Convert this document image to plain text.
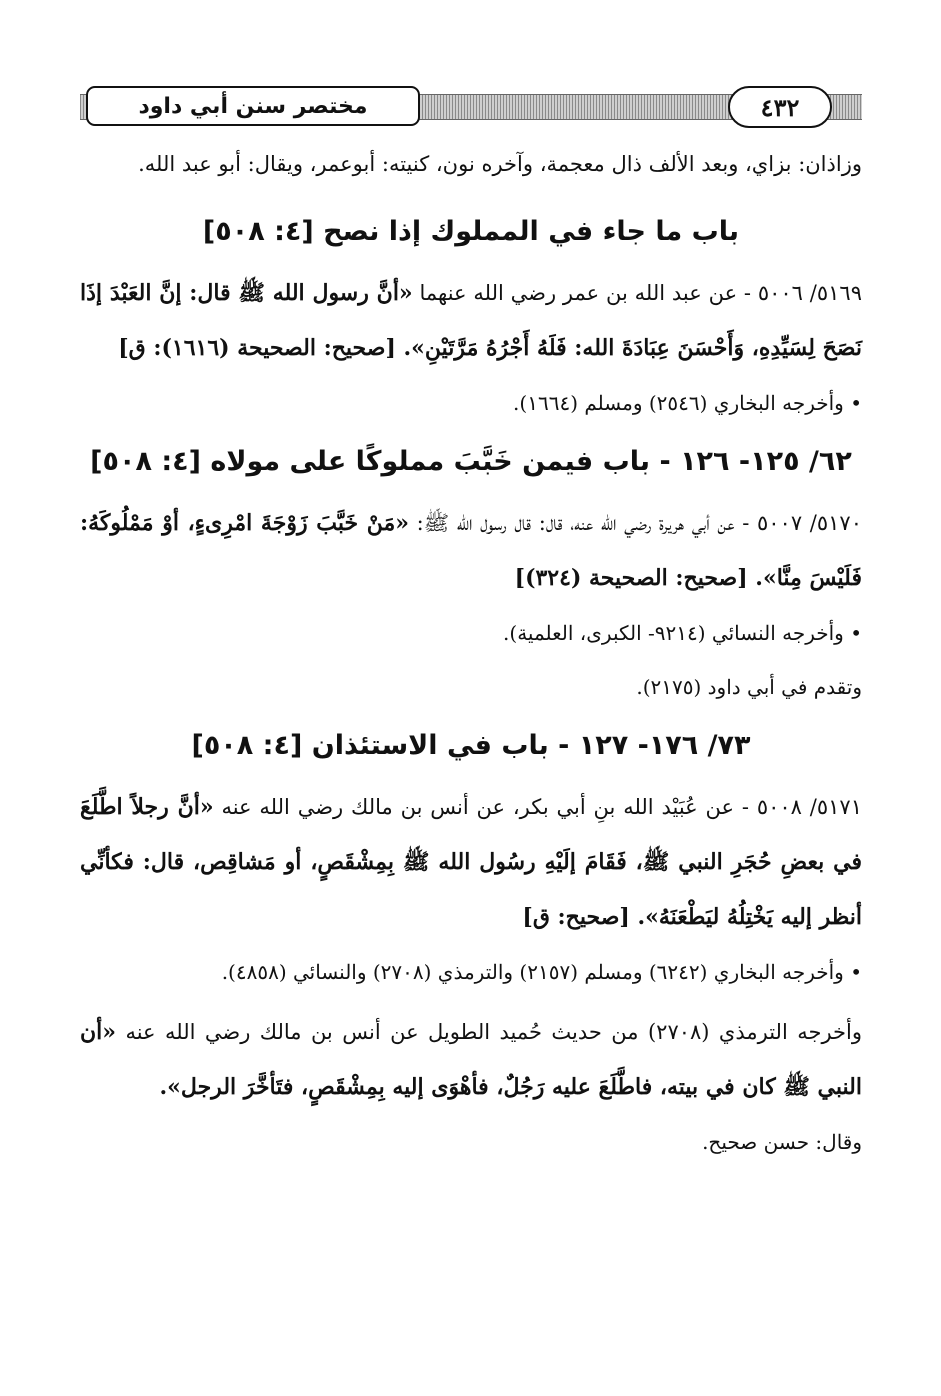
مختصر سنن أبي داود	٤٣٢

وزاذان: بزاي، وبعد الألف ذال معجمة، وآخره نون، كنيته: أبوعمر، ويقال: أبو عبد الله.

باب ما جاء في المملوك إذا نصح [٤: ٥٠٨]

٥١٦٩/ ٥٠٠٦ - عن عبد الله بن عمر رضي الله عنهما «أنَّ رسول الله ﷺ قال: إنَّ العَبْدَ إذَا نَصَحَ لِسَيِّدِهِ، وَأَحْسَنَ عِبَادَةَ الله: فَلَهُ أَجْرُهُ مَرَّتَيْنِ». [صحيح: الصحيحة (١٦١٦): ق]

• وأخرجه البخاري (٢٥٤٦) ومسلم (١٦٦٤).

٦٢/ ١٢٥- ١٢٦ - باب فيمن خَبَّبَ مملوكًا على مولاه [٤: ٥٠٨]

٥١٧٠/ ٥٠٠٧ - عن أبي هريرة رضي الله عنه، قال: قال رسول الله ﷺ: «مَنْ خَبَّبَ زَوْجَةَ امْرِىءٍ، أوْ مَمْلُوكَهُ: فَلَيْسَ مِنَّا». [صحيح: الصحيحة (٣٢٤)]

• وأخرجه النسائي (٩٢١٤- الكبرى، العلمية).

وتقدم في أبي داود (٢١٧٥).

٧٣/ ١٧٦- ١٢٧ - باب في الاستئذان [٤: ٥٠٨]

٥١٧١/ ٥٠٠٨ - عن عُبَيْد الله بنِ أبي بكر، عن أنس بن مالك رضي الله عنه «أنَّ رجلاً اطَّلَعَ في بعضِ حُجَرِ النبي ﷺ، فَقَامَ إلَيْهِ رسُول الله ﷺ بِمِشْقَصٍ، أو مَشاقِص، قال: فكأنِّي أنظر إليه يَخْتِلُهُ ليَطْعَنَهُ». [صحيح: ق]

• وأخرجه البخاري (٦٢٤٢) ومسلم (٢١٥٧) والترمذي (٢٧٠٨) والنسائي (٤٨٥٨).

وأخرجه الترمذي (٢٧٠٨) من حديث حُميد الطويل عن أنس بن مالك رضي الله عنه «أن النبي ﷺ كان في بيته، فاطَّلَعَ عليه رَجُلٌ، فأهْوَى إليه بِمِشْقَصٍ، فتَأخَّرَ الرجل».

وقال: حسن صحيح.
